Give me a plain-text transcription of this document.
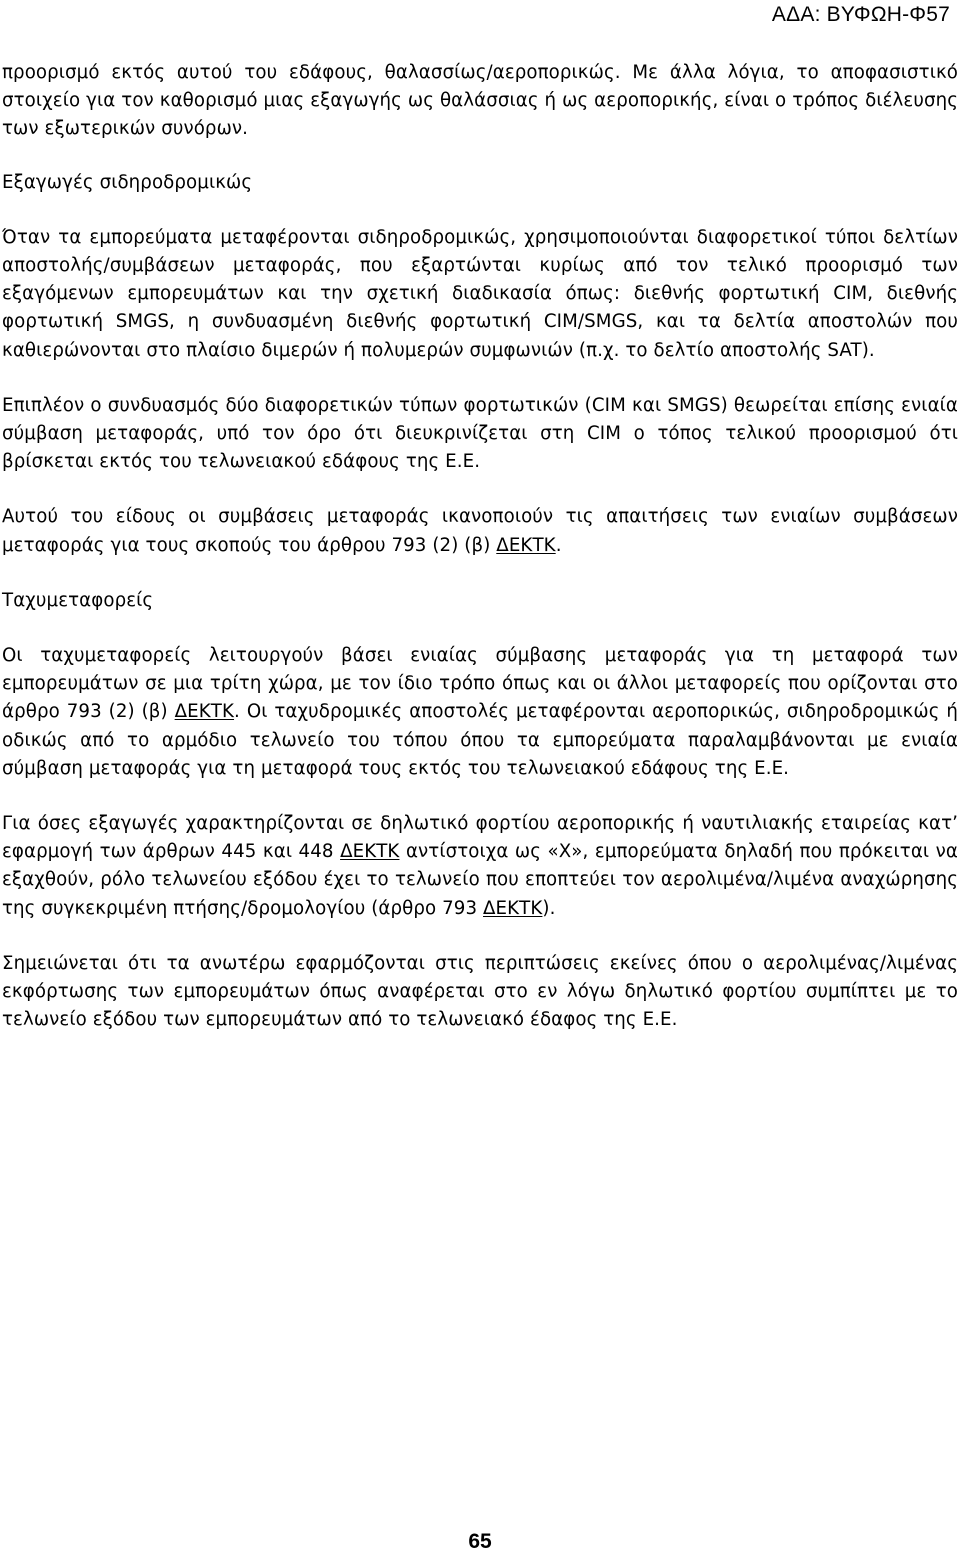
ΑΔΑ: ΒΥΦΩΗ-Φ57

προορισμό εκτός αυτού του εδάφους, θαλασσίως/αεροπορικώς. Με άλλα λόγια, το αποφασιστικό στοιχείο για τον καθορισμό μιας εξαγωγής ως θαλάσσιας ή ως αεροπορικής, είναι ο τρόπος διέλευσης των εξωτερικών συνόρων.

Εξαγωγές σιδηροδρομικώς

Όταν τα εμπορεύματα μεταφέρονται σιδηροδρομικώς, χρησιμοποιούνται διαφορετικοί τύποι δελτίων αποστολής/συμβάσεων μεταφοράς, που εξαρτώνται κυρίως από τον τελικό προορισμό των εξαγόμενων εμπορευμάτων και την σχετική διαδικασία όπως: διεθνής φορτωτική CIM, διεθνής φορτωτική SMGS, η συνδυασμένη διεθνής φορτωτική CIM/SMGS, και τα δελτία αποστολών που καθιερώνονται στο πλαίσιο διμερών ή πολυμερών συμφωνιών (π.χ. το δελτίο αποστολής SAT).

Επιπλέον ο συνδυασμός δύο διαφορετικών τύπων φορτωτικών (CIM και SMGS) θεωρείται επίσης ενιαία σύμβαση μεταφοράς, υπό τον όρο ότι διευκρινίζεται στη CIM ο τόπος τελικού προορισμού ότι βρίσκεται εκτός του τελωνειακού εδάφους της Ε.Ε.

Αυτού του είδους οι συμβάσεις μεταφοράς ικανοποιούν τις απαιτήσεις των ενιαίων συμβάσεων μεταφοράς για τους σκοπούς του άρθρου 793 (2) (β) ΔΕΚΤΚ.

Ταχυμεταφορείς

Οι ταχυμεταφορείς λειτουργούν βάσει ενιαίας σύμβασης μεταφοράς για τη μεταφορά των εμπορευμάτων σε μια τρίτη χώρα, με τον ίδιο τρόπο όπως και οι άλλοι μεταφορείς που ορίζονται στο άρθρο 793 (2) (β) ΔΕΚΤΚ. Οι ταχυδρομικές αποστολές μεταφέρονται αεροπορικώς, σιδηροδρομικώς ή οδικώς από το αρμόδιο τελωνείο του τόπου όπου τα εμπορεύματα παραλαμβάνονται με ενιαία σύμβαση μεταφοράς για τη μεταφορά τους εκτός του τελωνειακού εδάφους της Ε.Ε.

Για όσες εξαγωγές χαρακτηρίζονται σε δηλωτικό φορτίου αεροπορικής ή ναυτιλιακής εταιρείας κατ’ εφαρμογή των άρθρων 445 και 448 ΔΕΚΤΚ αντίστοιχα ως «Χ», εμπορεύματα δηλαδή που πρόκειται να εξαχθούν, ρόλο τελωνείου εξόδου έχει το τελωνείο που εποπτεύει τον αερολιμένα/λιμένα αναχώρησης της συγκεκριμένη πτήσης/δρομολογίου (άρθρο 793 ΔΕΚΤΚ).

Σημειώνεται ότι τα ανωτέρω εφαρμόζονται στις περιπτώσεις εκείνες όπου ο αερολιμένας/λιμένας εκφόρτωσης των εμπορευμάτων όπως αναφέρεται στο εν λόγω δηλωτικό φορτίου συμπίπτει με το τελωνείο εξόδου των εμπορευμάτων από το τελωνειακό έδαφος της Ε.Ε.

65
